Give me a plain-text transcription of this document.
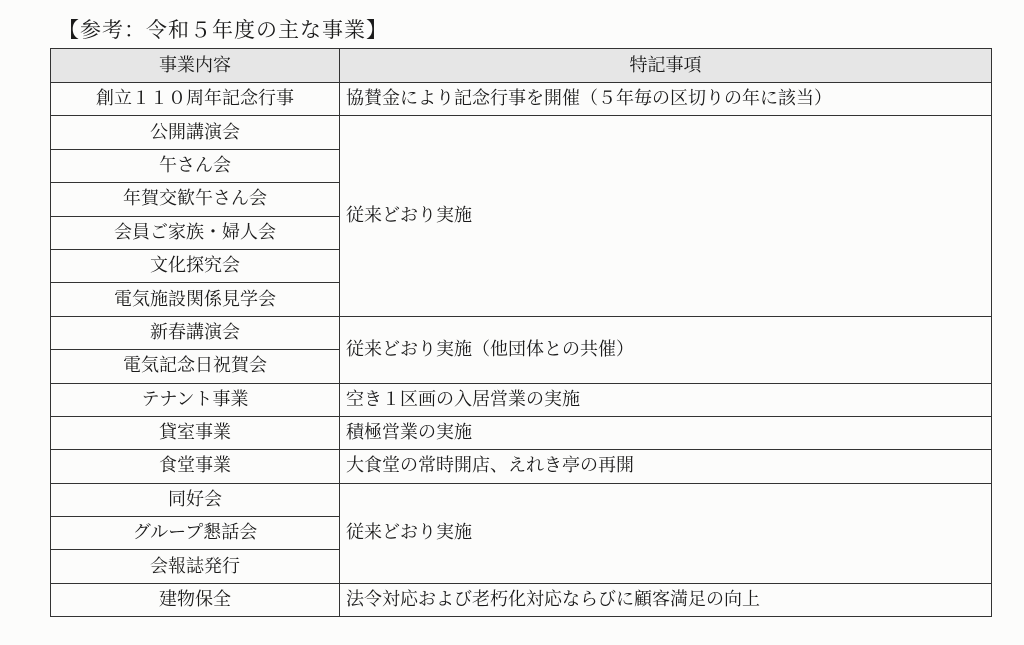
【参考：令和５年度の主な事業】
事業内容	特記事項
創立１１０周年記念行事	協賛金により記念行事を開催（５年毎の区切りの年に該当）
公開講演会	従来どおり実施
午さん会	
年賀交歓午さん会	
会員ご家族・婦人会	
文化探究会	
電気施設関係見学会	
新春講演会	従来どおり実施（他団体との共催）
電気記念日祝賀会	
テナント事業	空き１区画の入居営業の実施
貸室事業	積極営業の実施
食堂事業	大食堂の常時開店、えれき亭の再開
同好会	従来どおり実施
グループ懇話会	
会報誌発行	
建物保全	法令対応および老朽化対応ならびに顧客満足の向上
